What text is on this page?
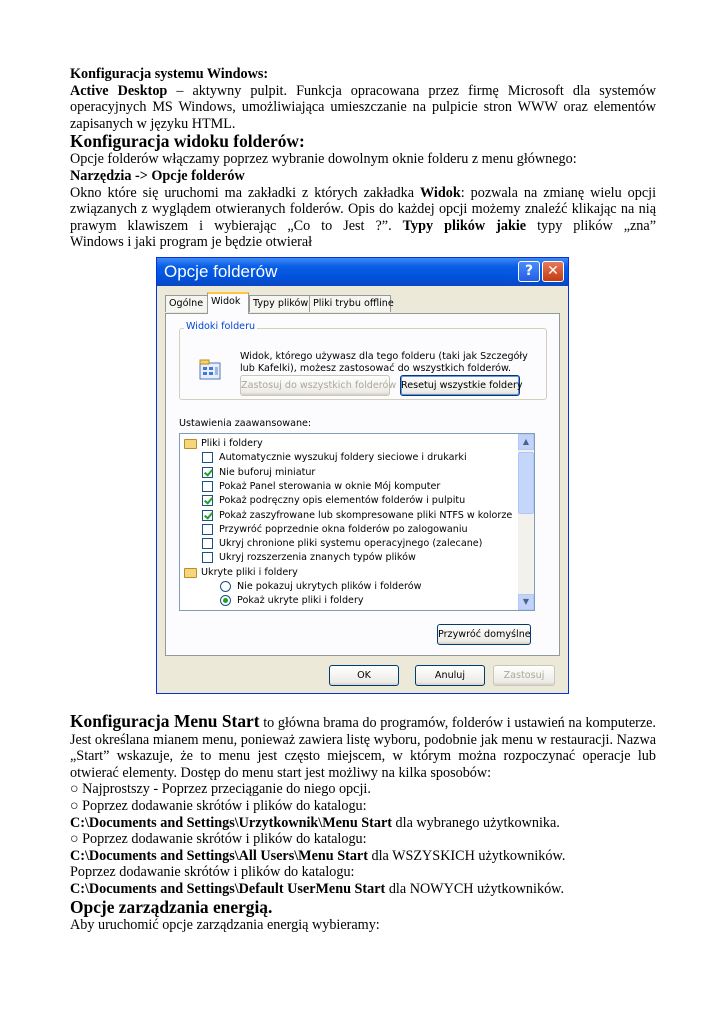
Konfiguracja systemu Windows:

Active Desktop – aktywny pulpit. Funkcja opracowana przez firmę Microsoft dla systemów operacyjnych MS Windows, umożliwiająca umieszczanie na pulpicie stron WWW oraz elementów zapisanych w języku HTML.

Konfiguracja widoku folderów:

Opcje folderów włączamy poprzez wybranie dowolnym oknie folderu z menu głównego:

Narzędzia -> Opcje folderów

Okno które się uruchomi ma zakładki z których zakładka Widok: pozwala na zmianę wielu opcji związanych z wyglądem otwieranych folderów. Opis do każdej opcji możemy znaleźć klikając na nią prawym klawiszem i wybierając „Co to Jest ?”. Typy plików jakie typy plików „zna”

Windows i jaki program je będzie otwierał

Opcje folderów	?	✕
Ogólne Widok	Typy plików Pliki trybu offline
Widok, którego używasz dla tego folderu (taki jak Szczegóły lub Kafelki), możesz zastosować do wszystkich folderów.
Zastosuj do wszystkich folderów Resetuj wszystkie foldery
Widoki folderu
Ustawienia zaawansowane:
▲
▼
Pliki i foldery
Automatycznie wyszukuj foldery sieciowe i drukarki
Nie buforuj miniatur
Pokaż Panel sterowania w oknie Mój komputer
Pokaż podręczny opis elementów folderów i pulpitu
Pokaż zaszyfrowane lub skompresowane pliki NTFS w kolorze
Przywróć poprzednie okna folderów po zalogowaniu
Ukryj chronione pliki systemu operacyjnego (zalecane)
Ukryj rozszerzenia znanych typów plików
Ukryte pliki i foldery
Nie pokazuj ukrytych plików i folderów
Pokaż ukryte pliki i foldery
Przywróć domyślne
OK	Anuluj	Zastosuj

Konfiguracja Menu Start to główna brama do programów, folderów i ustawień na komputerze. Jest określana mianem menu, ponieważ zawiera listę wyboru, podobnie jak menu w restauracji. Nazwa „Start” wskazuje, że to menu jest często miejscem, w którym można rozpoczynać operacje lub otwierać elementy. Dostęp do menu start jest możliwy na kilka sposobów:

○ Najprostszy - Poprzez przeciąganie do niego opcji.

○ Poprzez dodawanie skrótów i plików do katalogu:

C:\Documents and Settings\Urzytkownik\Menu Start dla wybranego użytkownika.

○ Poprzez dodawanie skrótów i plików do katalogu:

C:\Documents and Settings\All Users\Menu Start dla WSZYSKICH użytkowników.

Poprzez dodawanie skrótów i plików do katalogu:

C:\Documents and Settings\Default UserMenu Start dla NOWYCH użytkowników.

Opcje zarządzania energią.

Aby uruchomić opcje zarządzania energią wybieramy:
